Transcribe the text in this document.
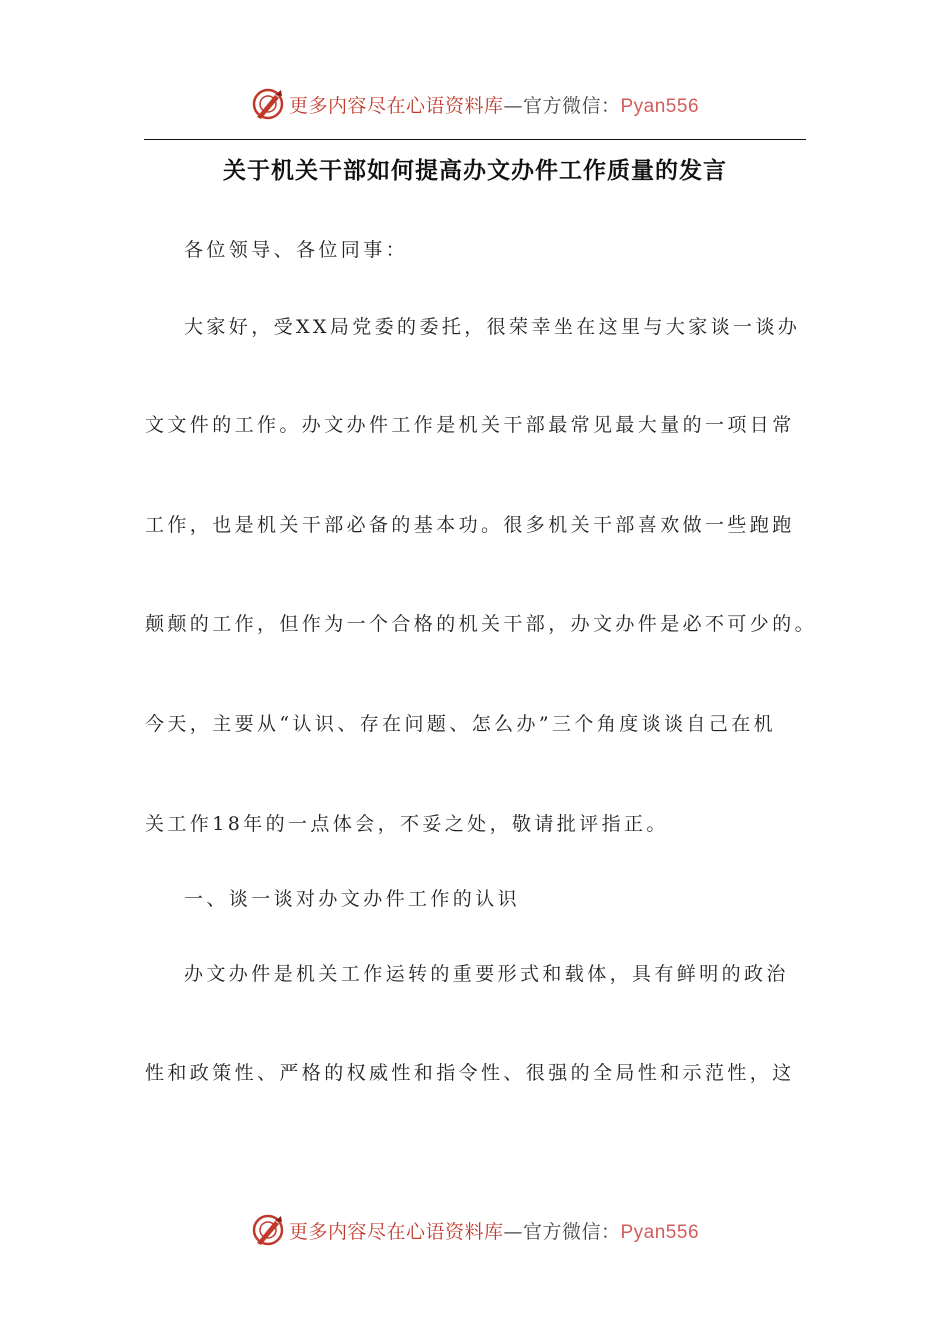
更多内容尽在心语资料库—官方微信：Pyan556
关于机关干部如何提高办文办件工作质量的发言
各位领导、各位同事：
大家好，受XX局党委的委托，很荣幸坐在这里与大家谈一谈办
文文件的工作。办文办件工作是机关干部最常见最大量的一项日常
工作，也是机关干部必备的基本功。很多机关干部喜欢做一些跑跑
颠颠的工作，但作为一个合格的机关干部，办文办件是必不可少的。
今天，主要从“认识、存在问题、怎么办”三个角度谈谈自己在机
关工作18年的一点体会，不妥之处，敬请批评指正。
一、谈一谈对办文办件工作的认识
办文办件是机关工作运转的重要形式和载体，具有鲜明的政治
性和政策性、严格的权威性和指令性、很强的全局性和示范性，这
更多内容尽在心语资料库—官方微信：Pyan556
